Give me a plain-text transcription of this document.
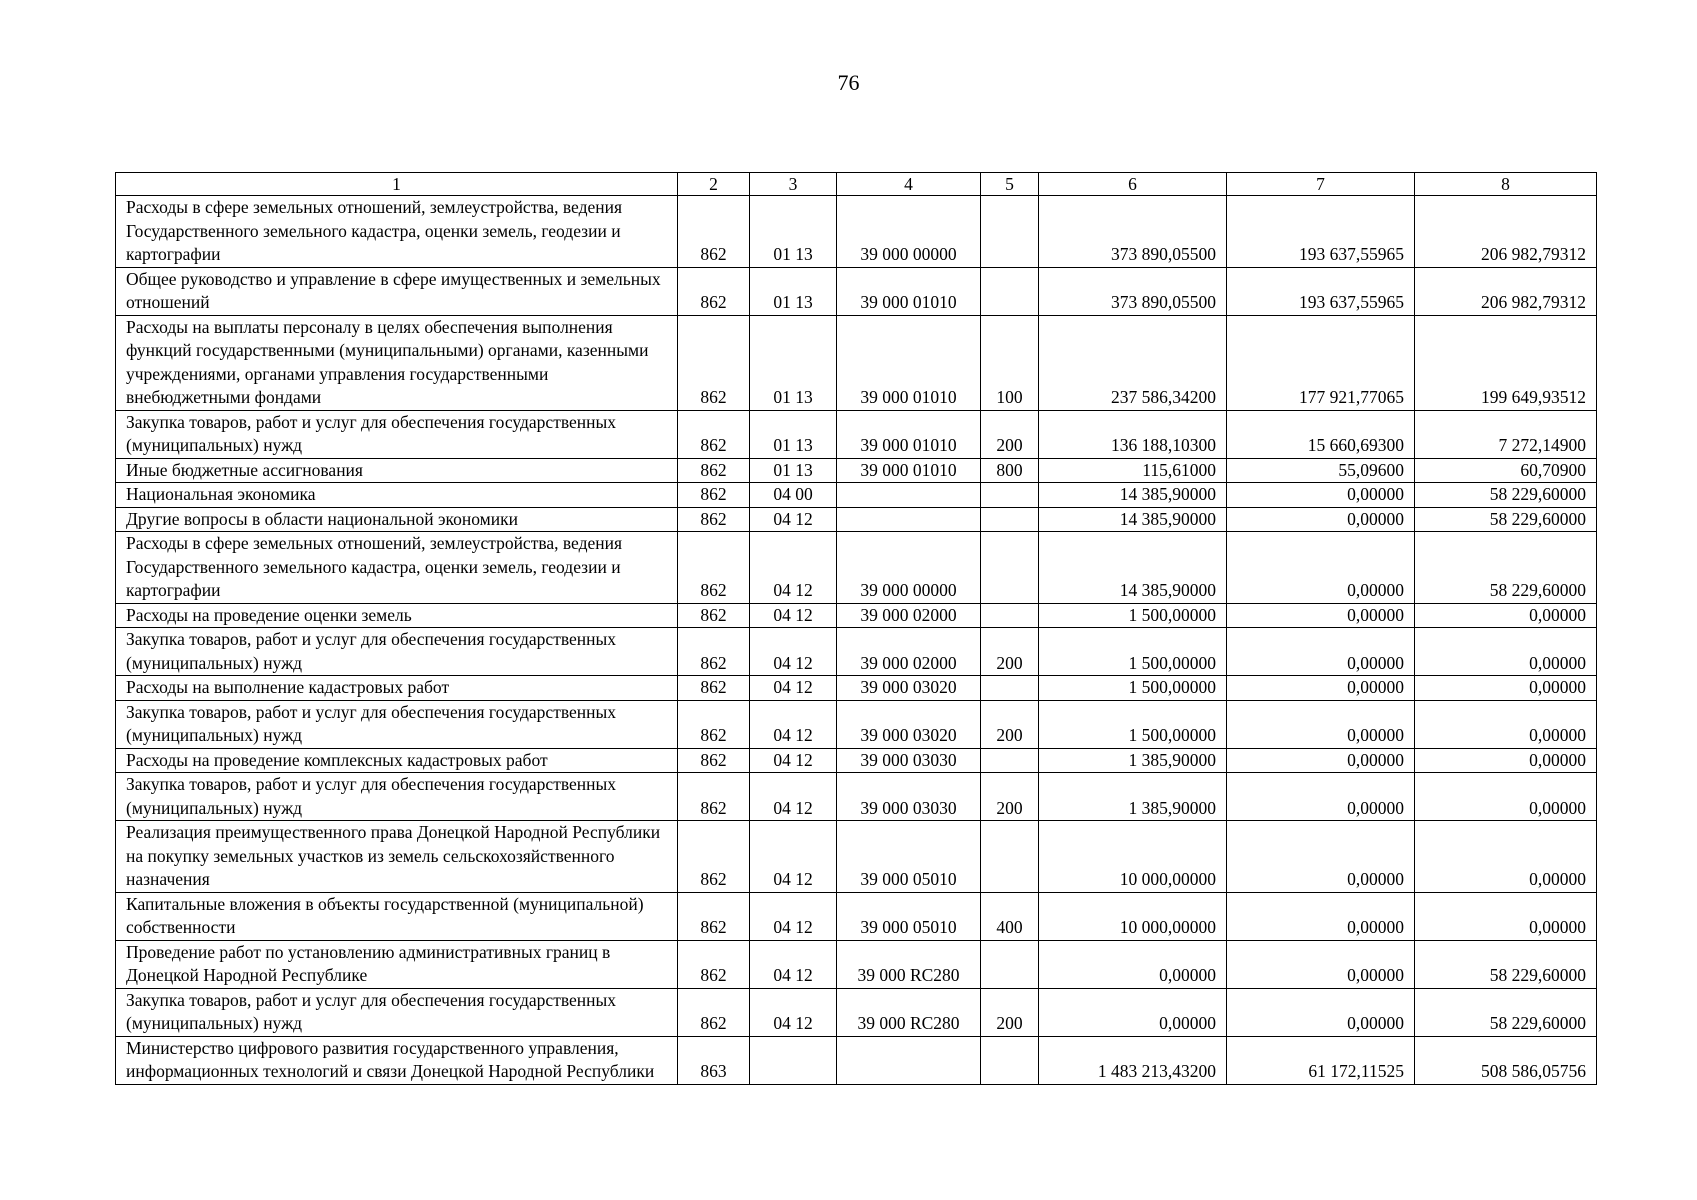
76
1	2	3	4	5	6	7	8
Расходы в сфере земельных отношений, землеустройства, ведения Государственного земельного кадастра, оценки земель, геодезии и картографии	862	01 13	39 000 00000		373 890,05500	193 637,55965	206 982,79312
Общее руководство и управление в сфере имущественных и земельных отношений	862	01 13	39 000 01010		373 890,05500	193 637,55965	206 982,79312
Расходы на выплаты персоналу в целях обеспечения выполнения функций государственными (муниципальными) органами, казенными учреждениями, органами управления государственными внебюджетными фондами	862	01 13	39 000 01010	100	237 586,34200	177 921,77065	199 649,93512
Закупка товаров, работ и услуг для обеспечения государственных (муниципальных) нужд	862	01 13	39 000 01010	200	136 188,10300	15 660,69300	7 272,14900
Иные бюджетные ассигнования	862	01 13	39 000 01010	800	115,61000	55,09600	60,70900
Национальная экономика	862	04 00			14 385,90000	0,00000	58 229,60000
Другие вопросы в области национальной экономики	862	04 12			14 385,90000	0,00000	58 229,60000
Расходы в сфере земельных отношений, землеустройства, ведения Государственного земельного кадастра, оценки земель, геодезии и картографии	862	04 12	39 000 00000		14 385,90000	0,00000	58 229,60000
Расходы на проведение оценки земель	862	04 12	39 000 02000		1 500,00000	0,00000	0,00000
Закупка товаров, работ и услуг для обеспечения государственных (муниципальных) нужд	862	04 12	39 000 02000	200	1 500,00000	0,00000	0,00000
Расходы на выполнение кадастровых работ	862	04 12	39 000 03020		1 500,00000	0,00000	0,00000
Закупка товаров, работ и услуг для обеспечения государственных (муниципальных) нужд	862	04 12	39 000 03020	200	1 500,00000	0,00000	0,00000
Расходы на проведение комплексных кадастровых работ	862	04 12	39 000 03030		1 385,90000	0,00000	0,00000
Закупка товаров, работ и услуг для обеспечения государственных (муниципальных) нужд	862	04 12	39 000 03030	200	1 385,90000	0,00000	0,00000
Реализация преимущественного права Донецкой Народной Республики на покупку земельных участков из земель сельскохозяйственного назначения	862	04 12	39 000 05010		10 000,00000	0,00000	0,00000
Капитальные вложения в объекты государственной (муниципальной) собственности	862	04 12	39 000 05010	400	10 000,00000	0,00000	0,00000
Проведение работ по установлению административных границ в Донецкой Народной Республике	862	04 12	39 000 RC280		0,00000	0,00000	58 229,60000
Закупка товаров, работ и услуг для обеспечения государственных (муниципальных) нужд	862	04 12	39 000 RC280	200	0,00000	0,00000	58 229,60000
Министерство цифрового развития государственного управления, информационных технологий и связи Донецкой Народной Республики	863				1 483 213,43200	61 172,11525	508 586,05756
